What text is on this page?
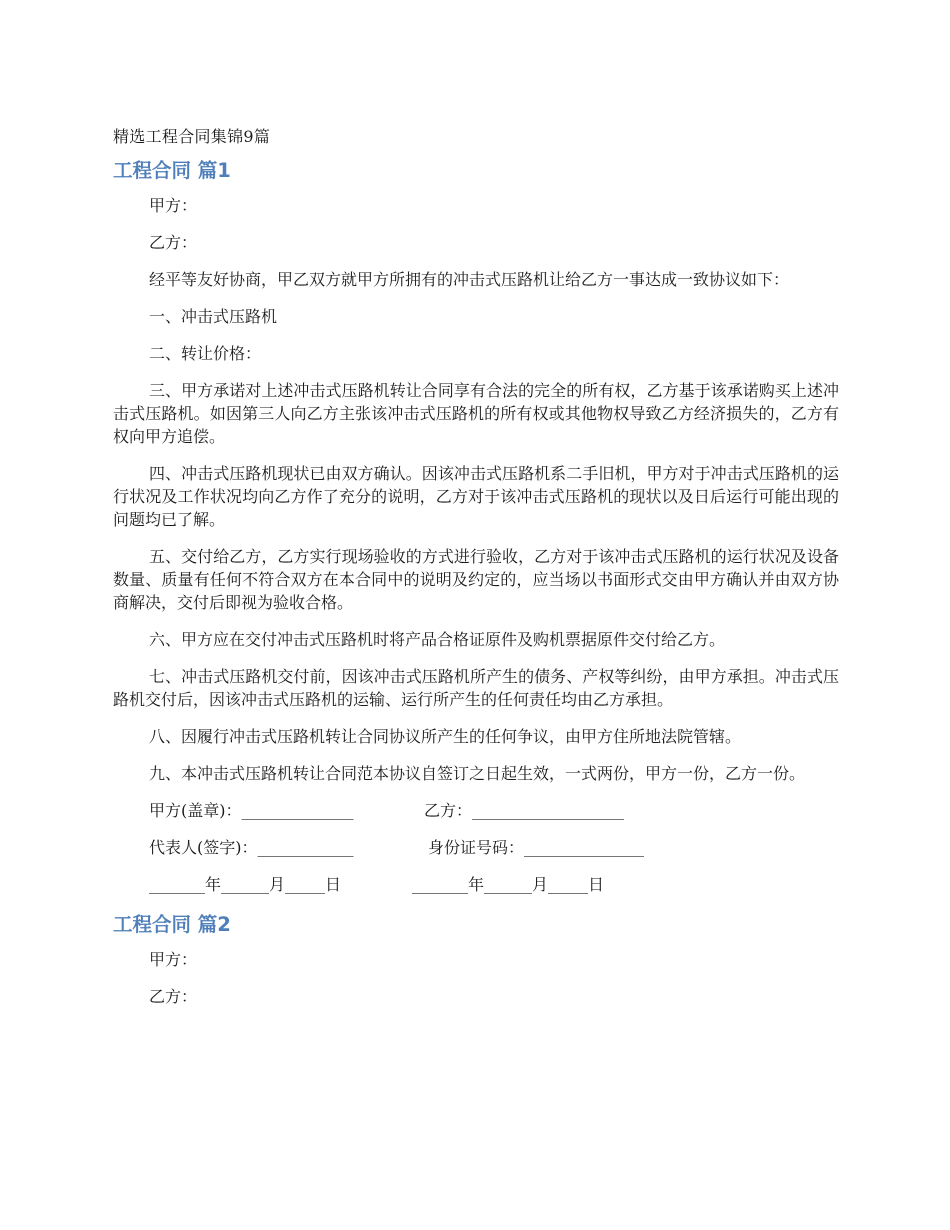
精选工程合同集锦9篇
工程合同 篇1

甲方：

乙方：

经平等友好协商，甲乙双方就甲方所拥有的冲击式压路机让给乙方一事达成一致协议如下：

一、冲击式压路机

二、转让价格：

三、甲方承诺对上述冲击式压路机转让合同享有合法的完全的所有权，乙方基于该承诺购买上述冲击式压路机。如因第三人向乙方主张该冲击式压路机的所有权或其他物权导致乙方经济损失的，乙方有权向甲方追偿。

四、冲击式压路机现状已由双方确认。因该冲击式压路机系二手旧机，甲方对于冲击式压路机的运行状况及工作状况均向乙方作了充分的说明，乙方对于该冲击式压路机的现状以及日后运行可能出现的问题均已了解。

五、交付给乙方，乙方实行现场验收的方式进行验收，乙方对于该冲击式压路机的运行状况及设备数量、质量有任何不符合双方在本合同中的说明及约定的，应当场以书面形式交由甲方确认并由双方协商解决，交付后即视为验收合格。

六、甲方应在交付冲击式压路机时将产品合格证原件及购机票据原件交付给乙方。

七、冲击式压路机交付前，因该冲击式压路机所产生的债务、产权等纠纷，由甲方承担。冲击式压路机交付后，因该冲击式压路机的运输、运行所产生的任何责任均由乙方承担。

八、因履行冲击式压路机转让合同协议所产生的任何争议，由甲方住所地法院管辖。

九、本冲击式压路机转让合同范本协议自签订之日起生效，一式两份，甲方一份，乙方一份。

甲方(盖章)：______________	乙方：___________________
代表人(签字)：____________	身份证号码：_______________
_______年______月_____日	_______年______月_____日
工程合同 篇2

甲方：

乙方：
